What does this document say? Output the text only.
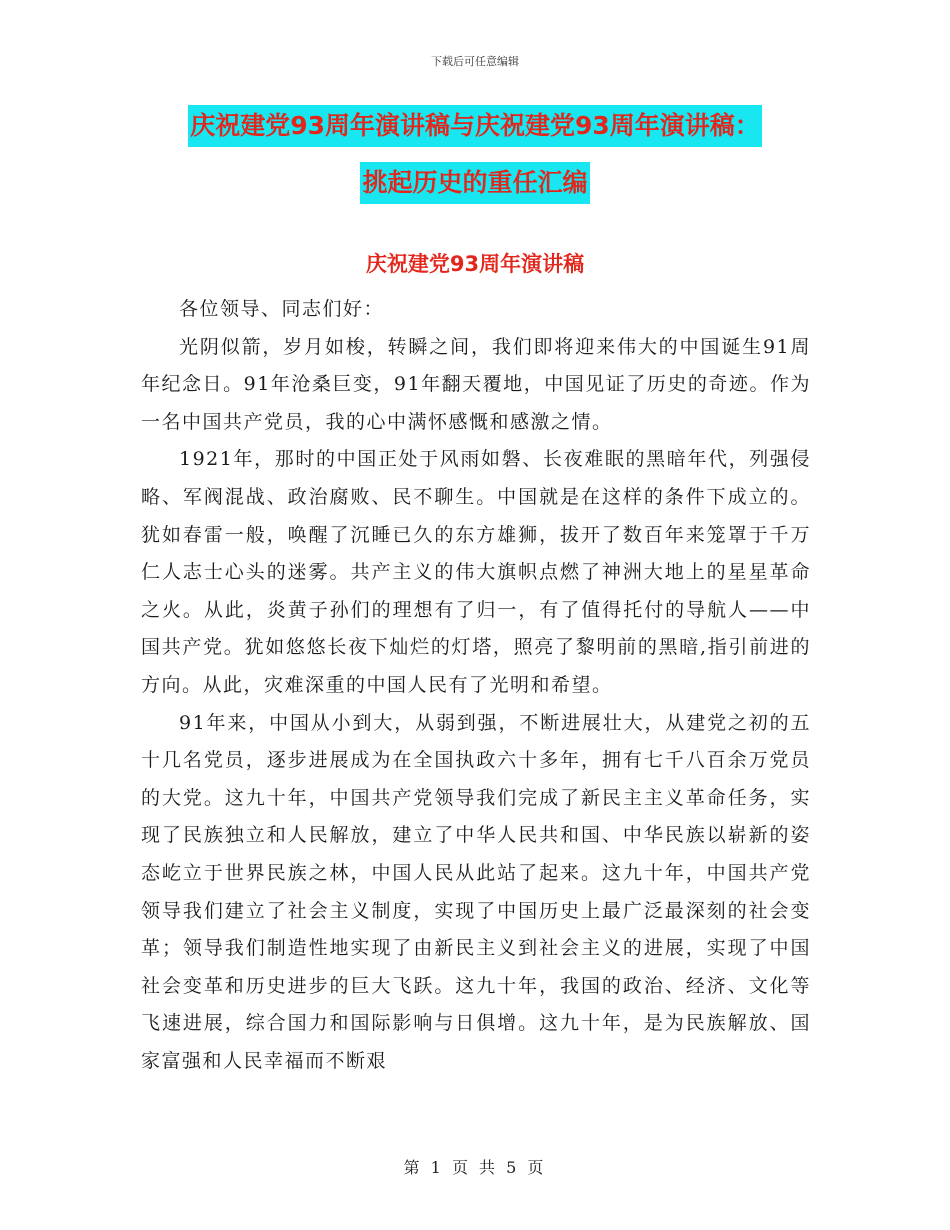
下载后可任意编辑
庆祝建党93周年演讲稿与庆祝建党93周年演讲稿：
挑起历史的重任汇编
庆祝建党93周年演讲稿

各位领导、同志们好：

光阴似箭，岁月如梭，转瞬之间，我们即将迎来伟大的中国诞生91周年纪念日。91年沧桑巨变，91年翻天覆地，中国见证了历史的奇迹。作为一名中国共产党员，我的心中满怀感慨和感激之情。

1921年，那时的中国正处于风雨如磐、长夜难眠的黑暗年代，列强侵略、军阀混战、政治腐败、民不聊生。中国就是在这样的条件下成立的。犹如春雷一般，唤醒了沉睡已久的东方雄狮，拔开了数百年来笼罩于千万仁人志士心头的迷雾。共产主义的伟大旗帜点燃了神洲大地上的星星革命之火。从此，炎黄子孙们的理想有了归一，有了值得托付的导航人——中国共产党。犹如悠悠长夜下灿烂的灯塔，照亮了黎明前的黑暗,指引前进的方向。从此，灾难深重的中国人民有了光明和希望。

91年来，中国从小到大，从弱到强，不断进展壮大，从建党之初的五十几名党员，逐步进展成为在全国执政六十多年，拥有七千八百余万党员的大党。这九十年，中国共产党领导我们完成了新民主主义革命任务，实现了民族独立和人民解放，建立了中华人民共和国、中华民族以崭新的姿态屹立于世界民族之林，中国人民从此站了起来。这九十年，中国共产党领导我们建立了社会主义制度，实现了中国历史上最广泛最深刻的社会变革；领导我们制造性地实现了由新民主义到社会主义的进展，实现了中国社会变革和历史进步的巨大飞跃。这九十年，我国的政治、经济、文化等飞速进展，综合国力和国际影响与日俱增。这九十年，是为民族解放、国家富强和人民幸福而不断艰

第 1 页 共 5 页
